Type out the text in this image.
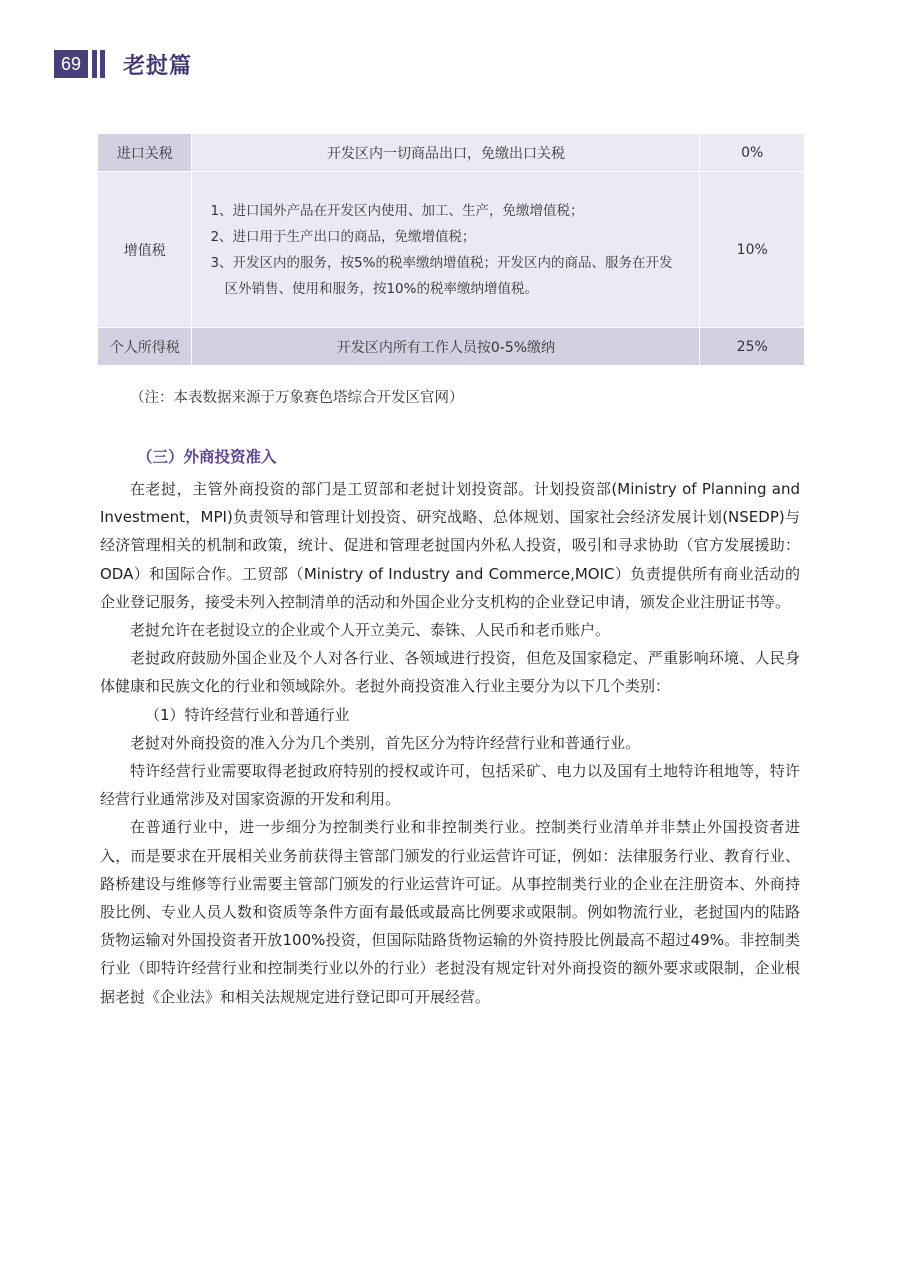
69	老挝篇
进口关税	开发区内一切商品出口，免缴出口关税	0%
增值税	1、进口国外产品在开发区内使用、加工、生产，免缴增值税；
2、进口用于生产出口的商品，免缴增值税；
3、开发区内的服务，按5%的税率缴纳增值税；开发区内的商品、服务在开发
区外销售、使用和服务，按10%的税率缴纳增值税。	10%
个人所得税	开发区内所有工作人员按0-5%缴纳	25%
（注：本表数据来源于万象赛色塔综合开发区官网）
（三）外商投资准入

在老挝，主管外商投资的部门是工贸部和老挝计划投资部。计划投资部(Ministry of Planning and Investment，MPI)负责领导和管理计划投资、研究战略、总体规划、国家社会经济发展计划(NSEDP)与经济管理相关的机制和政策，统计、促进和管理老挝国内外私人投资，吸引和寻求协助（官方发展援助：ODA）和国际合作。工贸部（Ministry of Industry and Commerce,MOIC）负责提供所有商业活动的企业登记服务，接受未列入控制清单的活动和外国企业分支机构的企业登记申请，颁发企业注册证书等。

老挝允许在老挝设立的企业或个人开立美元、泰铢、人民币和老币账户。

老挝政府鼓励外国企业及个人对各行业、各领域进行投资，但危及国家稳定、严重影响环境、人民身体健康和民族文化的行业和领域除外。老挝外商投资准入行业主要分为以下几个类别：

（1）特许经营行业和普通行业

老挝对外商投资的准入分为几个类别，首先区分为特许经营行业和普通行业。

特许经营行业需要取得老挝政府特别的授权或许可，包括采矿、电力以及国有土地特许租地等，特许经营行业通常涉及对国家资源的开发和利用。

在普通行业中，进一步细分为控制类行业和非控制类行业。控制类行业清单并非禁止外国投资者进入，而是要求在开展相关业务前获得主管部门颁发的行业运营许可证，例如：法律服务行业、教育行业、路桥建设与维修等行业需要主管部门颁发的行业运营许可证。从事控制类行业的企业在注册资本、外商持股比例、专业人员人数和资质等条件方面有最低或最高比例要求或限制。例如物流行业，老挝国内的陆路货物运输对外国投资者开放100%投资，但国际陆路货物运输的外资持股比例最高不超过49%。非控制类行业（即特许经营行业和控制类行业以外的行业）老挝没有规定针对外商投资的额外要求或限制，企业根据老挝《企业法》和相关法规规定进行登记即可开展经营。
